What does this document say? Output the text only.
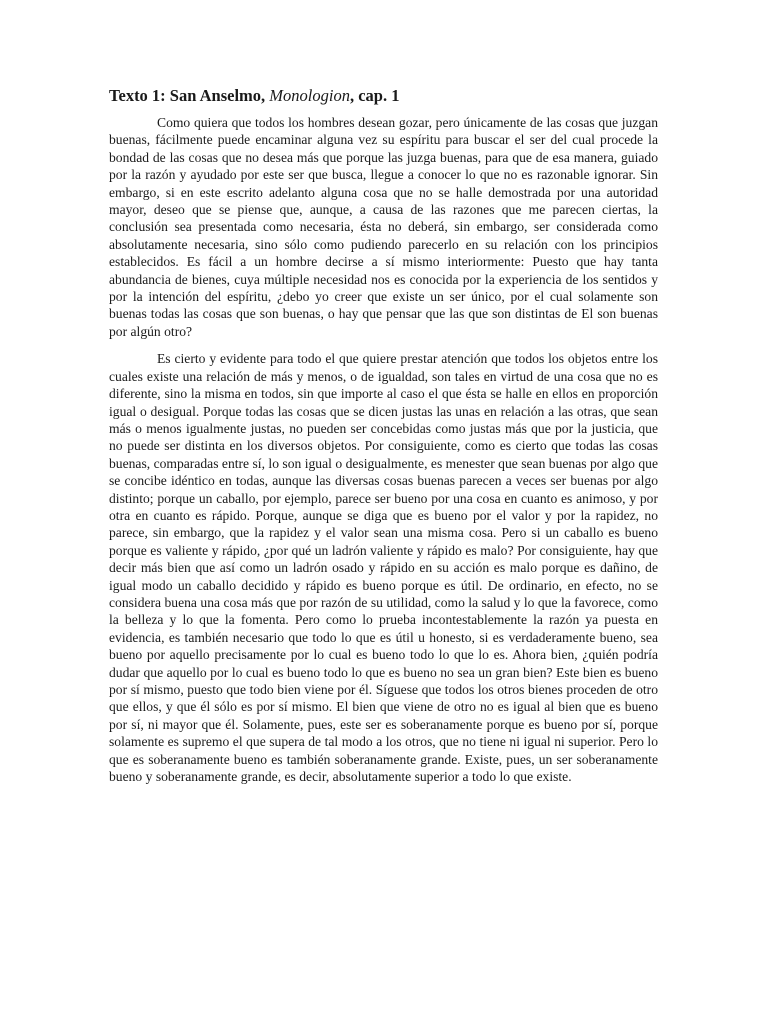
Texto 1: San Anselmo, Monologion, cap. 1

Como quiera que todos los hombres desean gozar, pero únicamente de las cosas que juzgan buenas, fácilmente puede encaminar alguna vez su espíritu para buscar el ser del cual procede la bondad de las cosas que no desea más que porque las juzga buenas, para que de esa manera, guiado por la razón y ayudado por este ser que busca, llegue a conocer lo que no es razonable ignorar. Sin embargo, si en este escrito adelanto alguna cosa que no se halle demostrada por una autoridad mayor, deseo que se piense que, aunque, a causa de las razones que me parecen ciertas, la conclusión sea presentada como necesaria, ésta no deberá, sin embargo, ser considerada como absolutamente necesaria, sino sólo como pudiendo parecerlo en su relación con los principios establecidos. Es fácil a un hombre decirse a sí mismo interiormente: Puesto que hay tanta abundancia de bienes, cuya múltiple necesidad nos es conocida por la experiencia de los sentidos y por la intención del espíritu, ¿debo yo creer que existe un ser único, por el cual solamente son buenas todas las cosas que son buenas, o hay que pensar que las que son distintas de El son buenas por algún otro?

Es cierto y evidente para todo el que quiere prestar atención que todos los objetos entre los cuales existe una relación de más y menos, o de igualdad, son tales en virtud de una cosa que no es diferente, sino la misma en todos, sin que importe al caso el que ésta se halle en ellos en proporción igual o desigual. Porque todas las cosas que se dicen justas las unas en relación a las otras, que sean más o menos igualmente justas, no pueden ser concebidas como justas más que por la justicia, que no puede ser distinta en los diversos objetos. Por consiguiente, como es cierto que todas las cosas buenas, comparadas entre sí, lo son igual o desigualmente, es menester que sean buenas por algo que se concibe idéntico en todas, aunque las diversas cosas buenas parecen a veces ser buenas por algo distinto; porque un caballo, por ejemplo, parece ser bueno por una cosa en cuanto es animoso, y por otra en cuanto es rápido. Porque, aunque se diga que es bueno por el valor y por la rapidez, no parece, sin embargo, que la rapidez y el valor sean una misma cosa. Pero si un caballo es bueno porque es valiente y rápido, ¿por qué un ladrón valiente y rápido es malo? Por consiguiente, hay que decir más bien que así como un ladrón osado y rápido en su acción es malo porque es dañino, de igual modo un caballo decidido y rápido es bueno porque es útil. De ordinario, en efecto, no se considera buena una cosa más que por razón de su utilidad, como la salud y lo que la favorece, como la belleza y lo que la fomenta. Pero como lo prueba incontestablemente la razón ya puesta en evidencia, es también necesario que todo lo que es útil u honesto, si es verdaderamente bueno, sea bueno por aquello precisamente por lo cual es bueno todo lo que lo es. Ahora bien, ¿quién podría dudar que aquello por lo cual es bueno todo lo que es bueno no sea un gran bien? Este bien es bueno por sí mismo, puesto que todo bien viene por él. Síguese que todos los otros bienes proceden de otro que ellos, y que él sólo es por sí mismo. El bien que viene de otro no es igual al bien que es bueno por sí, ni mayor que él. Solamente, pues, este ser es soberanamente porque es bueno por sí, porque solamente es supremo el que supera de tal modo a los otros, que no tiene ni igual ni superior. Pero lo que es soberanamente bueno es también soberanamente grande. Existe, pues, un ser soberanamente bueno y soberanamente grande, es decir, absolutamente superior a todo lo que existe.
